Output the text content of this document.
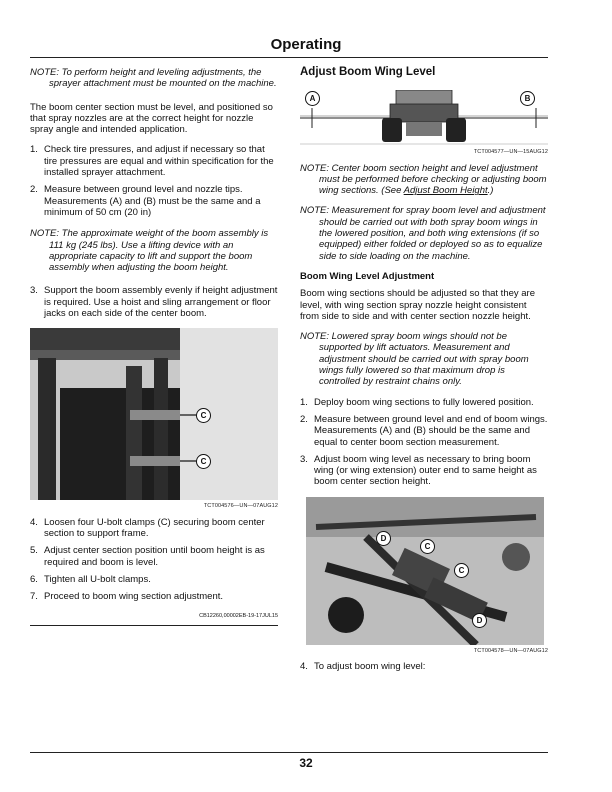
Operating
NOTE: To perform height and leveling adjustments, the sprayer attachment must be mounted on the machine.

The boom center section must be level, and positioned so that spray nozzles are at the correct height for nozzle spray angle and intended application.

1. Check tire pressures, and adjust if necessary so that tire pressures are equal and within specification for the installed sprayer attachment.
2. Measure between ground level and nozzle tips. Measurements (A) and (B) must be the same and a minimum of 50 cm (20 in)
NOTE: The approximate weight of the boom assembly is 111 kg (245 lbs). Use a lifting device with an appropriate capacity to lift and support the boom assembly when adjusting the boom height.
3. Support the boom assembly evenly if height adjustment is required. Use a hoist and sling arrangement or floor jacks on each side of the center boom.
C
C
TCT004576—UN—07AUG12
4. Loosen four U-bolt clamps (C) securing boom center section to support frame.
5. Adjust center section position until boom height is as required and boom is level.
6. Tighten all U-bolt clamps.
7. Proceed to boom wing section adjustment.
CB12260,00002EB-19-17JUL15
Adjust Boom Wing Level
A	B
TCT004577—UN—15AUG12
NOTE: Center boom section height and level adjustment must be performed before checking or adjusting boom wing sections. (See Adjust Boom Height.)
NOTE: Measurement for spray boom level and adjustment should be carried out with both spray boom wings in the lowered position, and both wing extensions (if so equipped) either folded or deployed so as to equalize side to side loading on the machine.
Boom Wing Level Adjustment

Boom wing sections should be adjusted so that they are level, with wing section spray nozzle height consistent from side to side and with center section nozzle height.

NOTE: Lowered spray boom wings should not be supported by lift actuators. Measurement and adjustment should be carried out with spray boom wings fully lowered so that maximum drop is controlled by restraint chains only.
1. Deploy boom wing sections to fully lowered position.
2. Measure between ground level and end of boom wings. Measurements (A) and (B) should be the same and equal to center boom section measurement.
3. Adjust boom wing level as necessary to bring boom wing (or wing extension) outer end to same height as boom center section height.
D
C
C
D
TCT004578—UN—07AUG12
4. To adjust boom wing level:
32
